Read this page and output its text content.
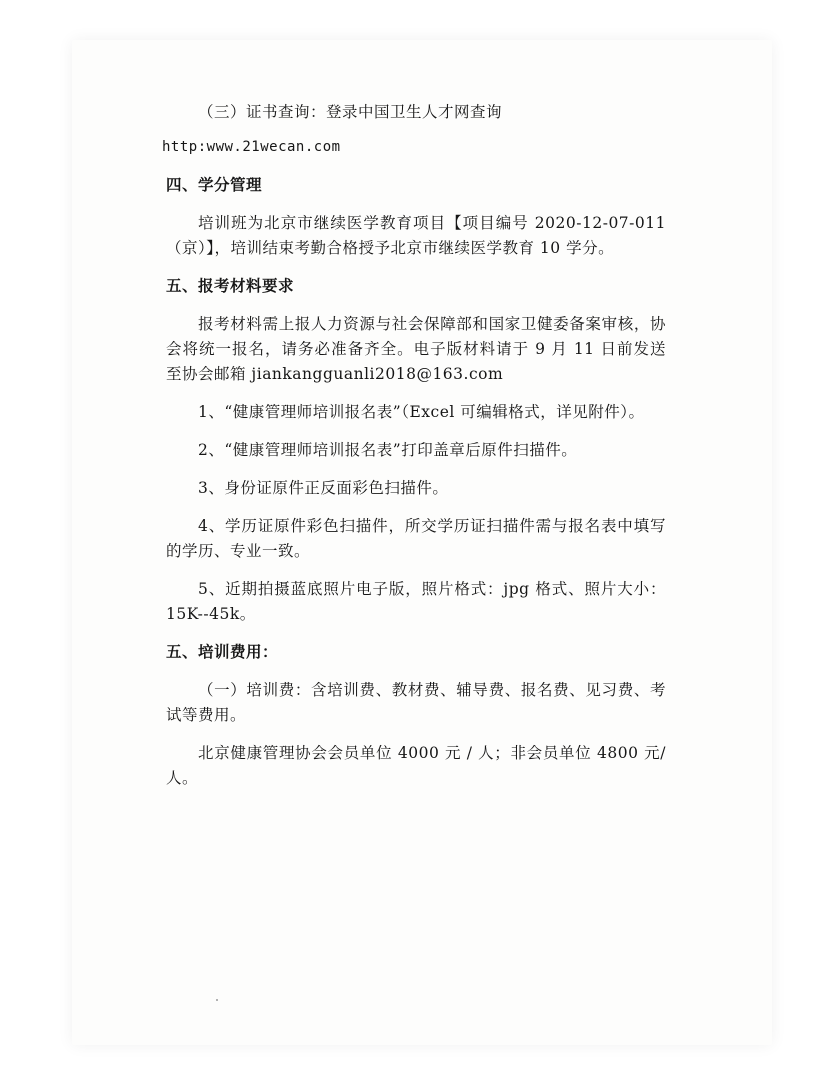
（三）证书查询：登录中国卫生人才网查询

http:www.21wecan.com

四、学分管理

培训班为北京市继续医学教育项目【项目编号 2020-12-07-011（京）】，培训结束考勤合格授予北京市继续医学教育 10 学分。

五、报考材料要求

报考材料需上报人力资源与社会保障部和国家卫健委备案审核，协会将统一报名，请务必准备齐全。电子版材料请于 9 月 11 日前发送至协会邮箱 jiankangguanli2018@163.com

1、“健康管理师培训报名表”（Excel 可编辑格式，详见附件）。

2、“健康管理师培训报名表”打印盖章后原件扫描件。

3、身份证原件正反面彩色扫描件。

4、学历证原件彩色扫描件，所交学历证扫描件需与报名表中填写的学历、专业一致。

5、近期拍摄蓝底照片电子版，照片格式：jpg 格式、照片大小：15K--45k。

五、培训费用：

（一）培训费：含培训费、教材费、辅导费、报名费、见习费、考试等费用。

北京健康管理协会会员单位 4000 元 / 人；非会员单位 4800 元/人。
